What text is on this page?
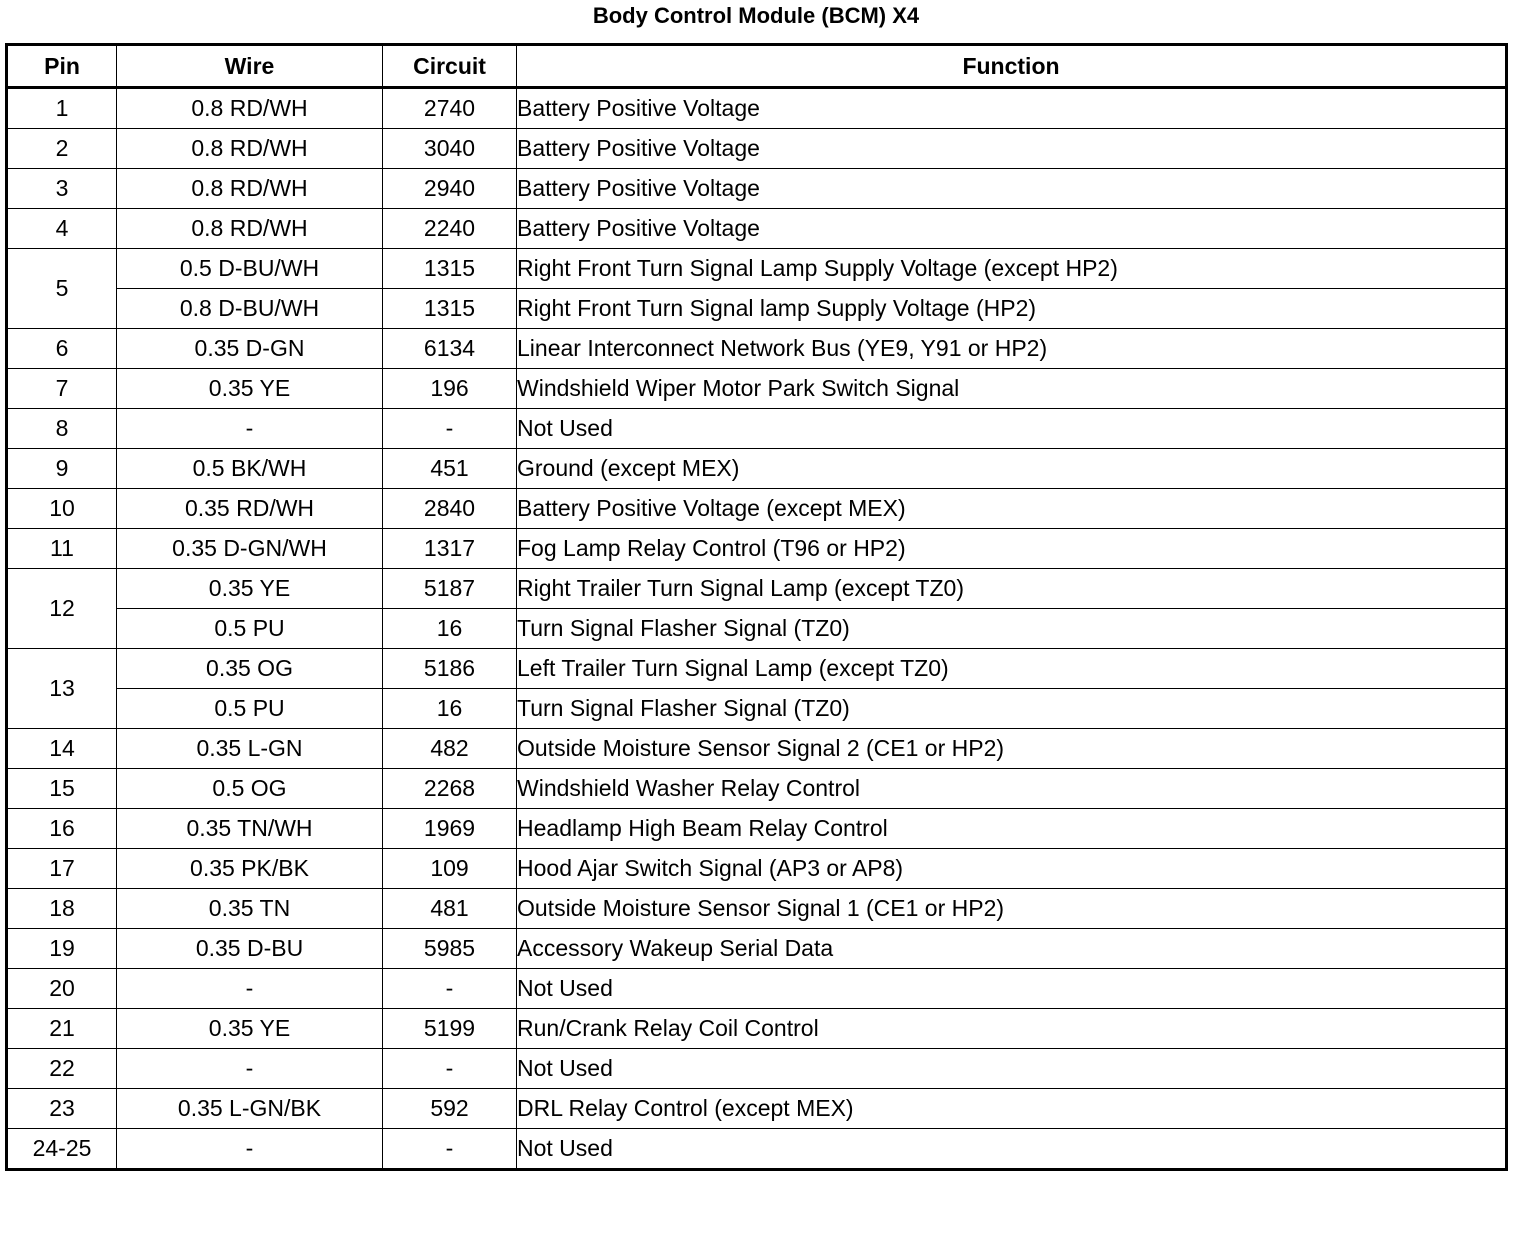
Body Control Module (BCM) X4
Pin	Wire	Circuit	Function
1	0.8 RD/WH	2740	Battery Positive Voltage
2	0.8 RD/WH	3040	Battery Positive Voltage
3	0.8 RD/WH	2940	Battery Positive Voltage
4	0.8 RD/WH	2240	Battery Positive Voltage
5	0.5 D-BU/WH	1315	Right Front Turn Signal Lamp Supply Voltage (except HP2)
	0.8 D-BU/WH	1315	Right Front Turn Signal lamp Supply Voltage (HP2)
6	0.35 D-GN	6134	Linear Interconnect Network Bus (YE9, Y91 or HP2)
7	0.35 YE	196	Windshield Wiper Motor Park Switch Signal
8	-	-	Not Used
9	0.5 BK/WH	451	Ground (except MEX)
10	0.35 RD/WH	2840	Battery Positive Voltage (except MEX)
11	0.35 D-GN/WH	1317	Fog Lamp Relay Control (T96 or HP2)
12	0.35 YE	5187	Right Trailer Turn Signal Lamp (except TZ0)
	0.5 PU	16	Turn Signal Flasher Signal (TZ0)
13	0.35 OG	5186	Left Trailer Turn Signal Lamp (except TZ0)
	0.5 PU	16	Turn Signal Flasher Signal (TZ0)
14	0.35 L-GN	482	Outside Moisture Sensor Signal 2 (CE1 or HP2)
15	0.5 OG	2268	Windshield Washer Relay Control
16	0.35 TN/WH	1969	Headlamp High Beam Relay Control
17	0.35 PK/BK	109	Hood Ajar Switch Signal (AP3 or AP8)
18	0.35 TN	481	Outside Moisture Sensor Signal 1 (CE1 or HP2)
19	0.35 D-BU	5985	Accessory Wakeup Serial Data
20	-	-	Not Used
21	0.35 YE	5199	Run/Crank Relay Coil Control
22	-	-	Not Used
23	0.35 L-GN/BK	592	DRL Relay Control (except MEX)
24-25	-	-	Not Used
